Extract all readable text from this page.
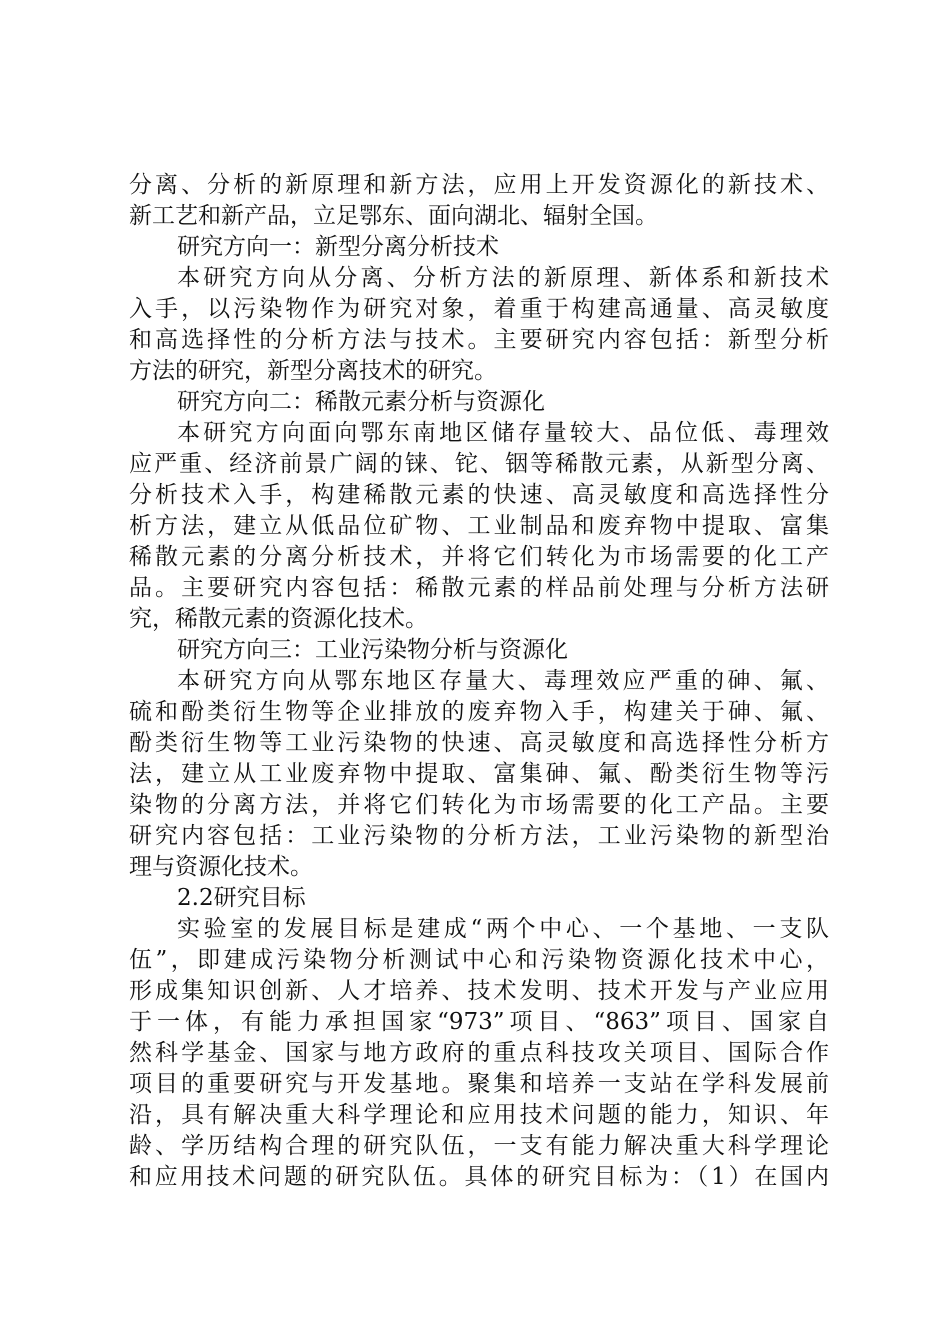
分离、分析的新原理和新方法，应用上开发资源化的新技术、
新工艺和新产品，立足鄂东、面向湖北、辐射全国。
研究方向一：新型分离分析技术
本研究方向从分离、分析方法的新原理、新体系和新技术
入手，以污染物作为研究对象，着重于构建高通量、高灵敏度
和高选择性的分析方法与技术。主要研究内容包括：新型分析
方法的研究，新型分离技术的研究。
研究方向二：稀散元素分析与资源化
本研究方向面向鄂东南地区储存量较大、品位低、毒理效
应严重、经济前景广阔的铼、铊、铟等稀散元素，从新型分离、
分析技术入手，构建稀散元素的快速、高灵敏度和高选择性分
析方法，建立从低品位矿物、工业制品和废弃物中提取、富集
稀散元素的分离分析技术，并将它们转化为市场需要的化工产
品。主要研究内容包括：稀散元素的样品前处理与分析方法研
究，稀散元素的资源化技术。
研究方向三：工业污染物分析与资源化
本研究方向从鄂东地区存量大、毒理效应严重的砷、氟、
硫和酚类衍生物等企业排放的废弃物入手，构建关于砷、氟、
酚类衍生物等工业污染物的快速、高灵敏度和高选择性分析方
法，建立从工业废弃物中提取、富集砷、氟、酚类衍生物等污
染物的分离方法，并将它们转化为市场需要的化工产品。主要
研究内容包括：工业污染物的分析方法，工业污染物的新型治
理与资源化技术。
2.2研究目标
实验室的发展目标是建成“两个中心、一个基地、一支队
伍”，即建成污染物分析测试中心和污染物资源化技术中心，
形成集知识创新、人才培养、技术发明、技术开发与产业应用
于一体，有能力承担国家“973”项目、“863”项目、国家自
然科学基金、国家与地方政府的重点科技攻关项目、国际合作
项目的重要研究与开发基地。聚集和培养一支站在学科发展前
沿，具有解决重大科学理论和应用技术问题的能力，知识、年
龄、学历结构合理的研究队伍，一支有能力解决重大科学理论
和应用技术问题的研究队伍。具体的研究目标为：（1）在国内
